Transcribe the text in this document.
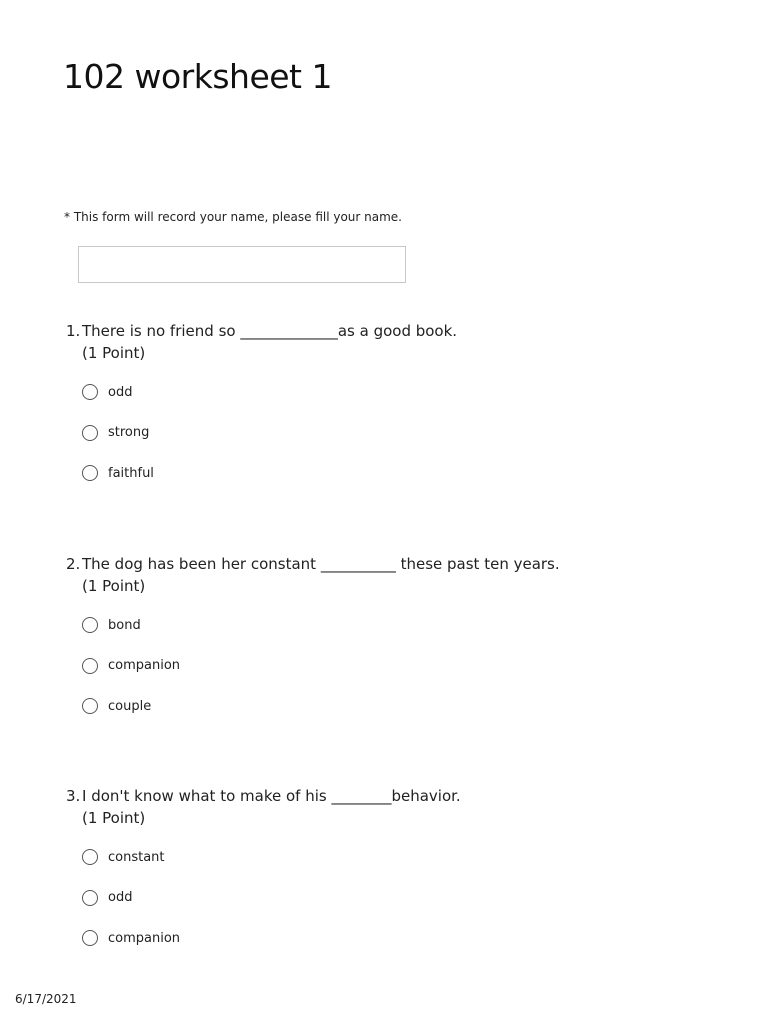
102 worksheet 1
* This form will record your name, please fill your name.
1. There is no friend so _____________as a good book.
(1 Point)
odd
strong
faithful
2. The dog has been her constant __________ these past ten years.
(1 Point)
bond
companion
couple
3. I don't know what to make of his ________behavior.
(1 Point)
constant
odd
companion
6/17/2021
